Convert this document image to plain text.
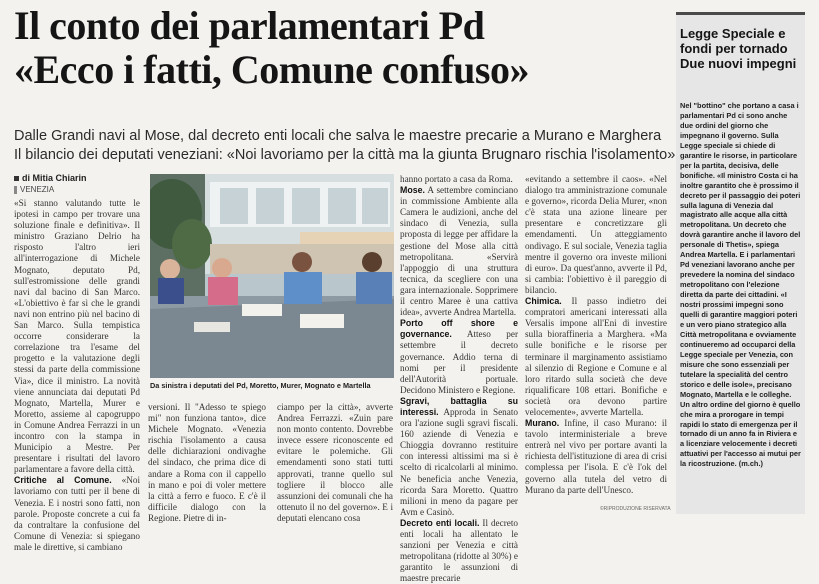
Il conto dei parlamentari Pd
«Ecco i fatti, Comune confuso»
Dalle Grandi navi al Mose, dal decreto enti locali che salva le maestre precarie a Murano e Marghera
Il bilancio dei deputati veneziani: «Noi lavoriamo per la città ma la giunta Brugnaro rischia l'isolamento»
di Mitia Chiarin
VENEZIA
«Si stanno valutando tutte le ipotesi in campo per trovare una soluzione finale e definitiva». Il ministro Graziano Delrio ha risposto l'altro ieri all'interrogazione di Michele Mognato, deputato Pd, sull'estromissione delle grandi navi dal bacino di San Marco. «L'obiettivo è far sì che le grandi navi non entrino più nel bacino di San Marco. Sulla tempistica occorre considerare la correlazione tra l'esame del progetto e la valutazione degli stessi da parte della commissione Via», dice il ministro. La novità viene annunciata dai deputati Pd Mognato, Martella, Murer e Moretto, assieme al capogruppo in Comune Andrea Ferrazzi in un incontro con la stampa in Municipio a Mestre. Per presentare i risultati del lavoro parlamentare a favore della città.
Critiche al Comune. «Noi lavoriamo con tutti per il bene di Venezia. E i nostri sono fatti, non parole. Proposte concrete a cui fa da contraltare la confusione del Comune di Venezia: si spiegano male le direttive, si cambiano
Da sinistra i deputati del Pd, Moretto, Murer, Mognato e Martella
versioni. Il "Adesso te spiego mi" non funziona tanto», dice Michele Mognato. «Venezia rischia l'isolamento a causa delle dichiarazioni ondivaghe del sindaco, che prima dice di andare a Roma con il cappello in mano e poi di voler mettere la città a ferro e fuoco. E c'è il difficile dialogo con la Regione. Pietre di in-
ciampo per la città», avverte Andrea Ferrazzi. «Zuin pare non monto contento. Dovrebbe invece essere riconoscente ed evitare le polemiche. Gli emendamenti sono stati tutti approvati, tranne quello sul togliere il blocco alle assunzioni dei comunali che ha ottenuto il no del governo». E i deputati elencano cosa
hanno portato a casa da Roma.
Mose. A settembre cominciano in commissione Ambiente alla Camera le audizioni, anche del sindaco di Venezia, sulla proposta di legge per affidare la gestione del Mose alla città metropolitana. «Servirà l'appoggio di una struttura tecnica, da scegliere con una gara internazionale. Sopprimere il centro Maree è una cattiva idea», avverte Andrea Martella.
Porto off shore e governance. Atteso per settembre il decreto governance. Addio terna di nomi per il presidente dell'Autorità portuale. Decidono Ministero e Regione.
Sgravi, battaglia su interessi. Approda in Senato ora l'azione sugli sgravi fiscali. 160 aziende di Venezia e Chioggia dovranno restituire con interessi altissimi ma si è scelto di ricalcolarli al minimo. Ne beneficia anche Venezia, ricorda Sara Moretto. Quattro milioni in meno da pagare per Avm e Casinò.
Decreto enti locali. Il decreto enti locali ha allentato le sanzioni per Venezia e città metropolitana (ridotte al 30%) e garantito le assunzioni di maestre precarie
«evitando a settembre il caos». «Nel dialogo tra amministrazione comunale e governo», ricorda Delia Murer, «non c'è stata una azione lineare per presentare e concretizzare gli emendamenti. Un atteggiamento ondivago. E sul sociale, Venezia taglia mentre il governo ora investe milioni di euro». Da quest'anno, avverte il Pd, si cambia: l'obiettivo è il pareggio di bilancio.
Chimica. Il passo indietro dei compratori americani interessati alla Versalis impone all'Eni di investire sulla bioraffineria a Marghera. «Ma sulle bonifiche e le risorse per terminare il marginamento assistiamo al silenzio di Regione e Comune e al loro ritardo sulla società che deve riqualificare 108 ettari. Bonifiche e società ora devono partire velocemente», avverte Martella.
Murano. Infine, il caso Murano: il tavolo interministeriale a breve entrerà nel vivo per portare avanti la richiesta dell'istituzione di area di crisi complessa per l'isola. E c'è l'ok del governo alla tutela del vetro di Murano da parte dell'Unesco.
©RIPRODUZIONE RISERVATA
Legge Speciale e fondi per tornado Due nuovi impegni
Nel "bottino" che portano a casa i parlamentari Pd ci sono anche due ordini del giorno che impegnano il governo. Sulla Legge speciale si chiede di garantire le risorse, in particolare per la partita, decisiva, delle bonifiche. «Il ministro Costa ci ha inoltre garantito che è prossimo il decreto per il passaggio dei poteri sulla laguna di Venezia dal magistrato alle acque alla città metropolitana. Un decreto che dovrà garantire anche il lavoro del personale di Thetis», spiega Andrea Martella. E i parlamentari Pd veneziani lavorano anche per prevedere la nomina del sindaco metropolitano con l'elezione diretta da parte dei cittadini. «I nostri prossimi impegni sono quelli di garantire maggiori poteri e un vero piano strategico alla Città metropolitana e ovviamente continueremo ad occuparci della Legge speciale per Venezia, con misure che sono essenziali per tutelare la specialità del centro storico e delle isole», precisano Mognato, Martella e le colleghe. Un altro ordine del giorno è quello che mira a prorogare in tempi rapidi lo stato di emergenza per il tornado di un anno fa in Riviera e a licenziare velocemente i decreti attuativi per l'accesso ai mutui per la ricostruzione. (m.ch.)
